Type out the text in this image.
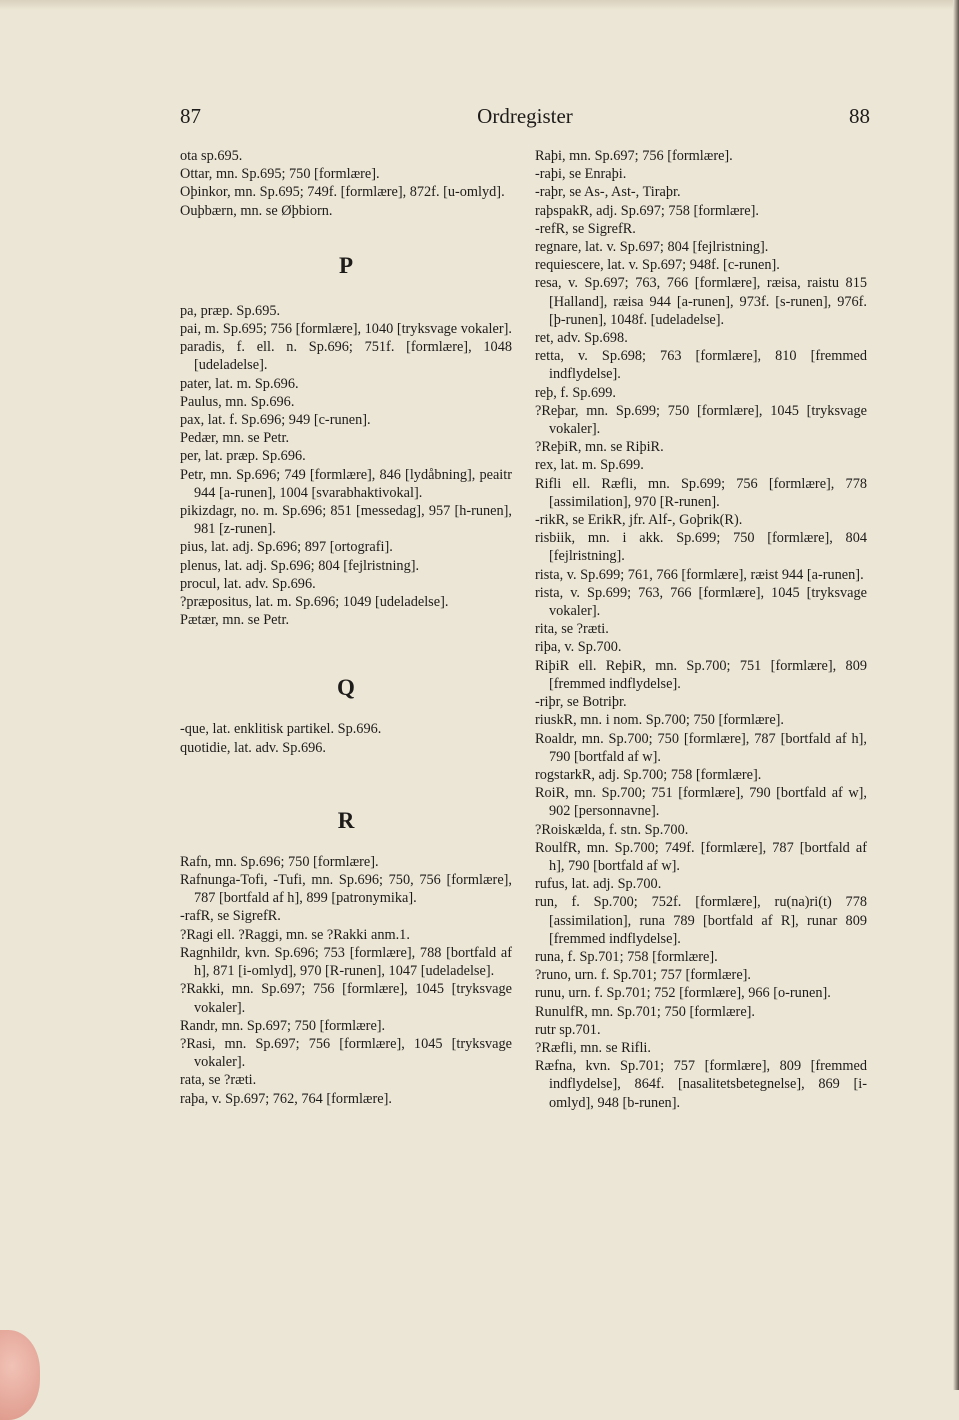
87	Ordregister	88

ota sp.695.

Ottar, mn. Sp.695; 750 [formlære].

Oþinkor, mn. Sp.695; 749f. [formlære], 872f. [u-omlyd].

Ouþbærn, mn. se Øþbiorn.

P

pa, præp. Sp.695.

pai, m. Sp.695; 756 [formlære], 1040 [tryksvage vokaler].

paradis, f. ell. n. Sp.696; 751f. [formlære], 1048 [udeladelse].

pater, lat. m. Sp.696.

Paulus, mn. Sp.696.

pax, lat. f. Sp.696; 949 [c-runen].

Pedær, mn. se Petr.

per, lat. præp. Sp.696.

Petr, mn. Sp.696; 749 [formlære], 846 [lydåbning], peaitr 944 [a-runen], 1004 [svarabhaktivokal].

pikizdagr, no. m. Sp.696; 851 [messedag], 957 [h-runen], 981 [z-runen].

pius, lat. adj. Sp.696; 897 [ortografi].

plenus, lat. adj. Sp.696; 804 [fejlristning].

procul, lat. adv. Sp.696.

?præpositus, lat. m. Sp.696; 1049 [udeladelse].

Pætær, mn. se Petr.

Q

-que, lat. enklitisk partikel. Sp.696.

quotidie, lat. adv. Sp.696.

R

Rafn, mn. Sp.696; 750 [formlære].

Rafnunga-Tofi, -Tufi, mn. Sp.696; 750, 756 [formlære], 787 [bortfald af h], 899 [patronymika].

-rafR, se SigrefR.

?Ragi ell. ?Raggi, mn. se ?Rakki anm.1.

Ragnhildr, kvn. Sp.696; 753 [formlære], 788 [bortfald af h], 871 [i-omlyd], 970 [R-runen], 1047 [udeladelse].

?Rakki, mn. Sp.697; 756 [formlære], 1045 [tryksvage vokaler].

Randr, mn. Sp.697; 750 [formlære].

?Rasi, mn. Sp.697; 756 [formlære], 1045 [tryksvage vokaler].

rata, se ?ræti.

raþa, v. Sp.697; 762, 764 [formlære].

Raþi, mn. Sp.697; 756 [formlære].

-raþi, se Enraþi.

-raþr, se As-, Ast-, Tiraþr.

raþspakR, adj. Sp.697; 758 [formlære].

-refR, se SigrefR.

regnare, lat. v. Sp.697; 804 [fejlristning].

requiescere, lat. v. Sp.697; 948f. [c-runen].

resa, v. Sp.697; 763, 766 [formlære], ræisa, raistu 815 [Halland], ræisa 944 [a-runen], 973f. [s-runen], 976f. [þ-runen], 1048f. [udeladelse].

ret, adv. Sp.698.

retta, v. Sp.698; 763 [formlære], 810 [fremmed indflydelse].

reþ, f. Sp.699.

?Reþar, mn. Sp.699; 750 [formlære], 1045 [tryksvage vokaler].

?ReþiR, mn. se RiþiR.

rex, lat. m. Sp.699.

Rifli ell. Ræfli, mn. Sp.699; 756 [formlære], 778 [assimilation], 970 [R-runen].

-rikR, se ErikR, jfr. Alf-, Goþrik(R).

risbiik, mn. i akk. Sp.699; 750 [formlære], 804 [fejlristning].

rista, v. Sp.699; 761, 766 [formlære], ræist 944 [a-runen].

rista, v. Sp.699; 763, 766 [formlære], 1045 [tryksvage vokaler].

rita, se ?ræti.

riþa, v. Sp.700.

RiþiR ell. ReþiR, mn. Sp.700; 751 [formlære], 809 [fremmed indflydelse].

-riþr, se Botriþr.

riuskR, mn. i nom. Sp.700; 750 [formlære].

Roaldr, mn. Sp.700; 750 [formlære], 787 [bortfald af h], 790 [bortfald af w].

rogstarkR, adj. Sp.700; 758 [formlære].

RoiR, mn. Sp.700; 751 [formlære], 790 [bortfald af w], 902 [personnavne].

?Roiskælda, f. stn. Sp.700.

RoulfR, mn. Sp.700; 749f. [formlære], 787 [bortfald af h], 790 [bortfald af w].

rufus, lat. adj. Sp.700.

run, f. Sp.700; 752f. [formlære], ru(na)ri(t) 778 [assimilation], runa 789 [bortfald af R], runar 809 [fremmed indflydelse].

runa, f. Sp.701; 758 [formlære].

?runo, urn. f. Sp.701; 757 [formlære].

runu, urn. f. Sp.701; 752 [formlære], 966 [o-runen].

RunulfR, mn. Sp.701; 750 [formlære].

rutr sp.701.

?Ræfli, mn. se Rifli.

Ræfna, kvn. Sp.701; 757 [formlære], 809 [fremmed indflydelse], 864f. [nasalitetsbetegnelse], 869 [i-omlyd], 948 [b-runen].
